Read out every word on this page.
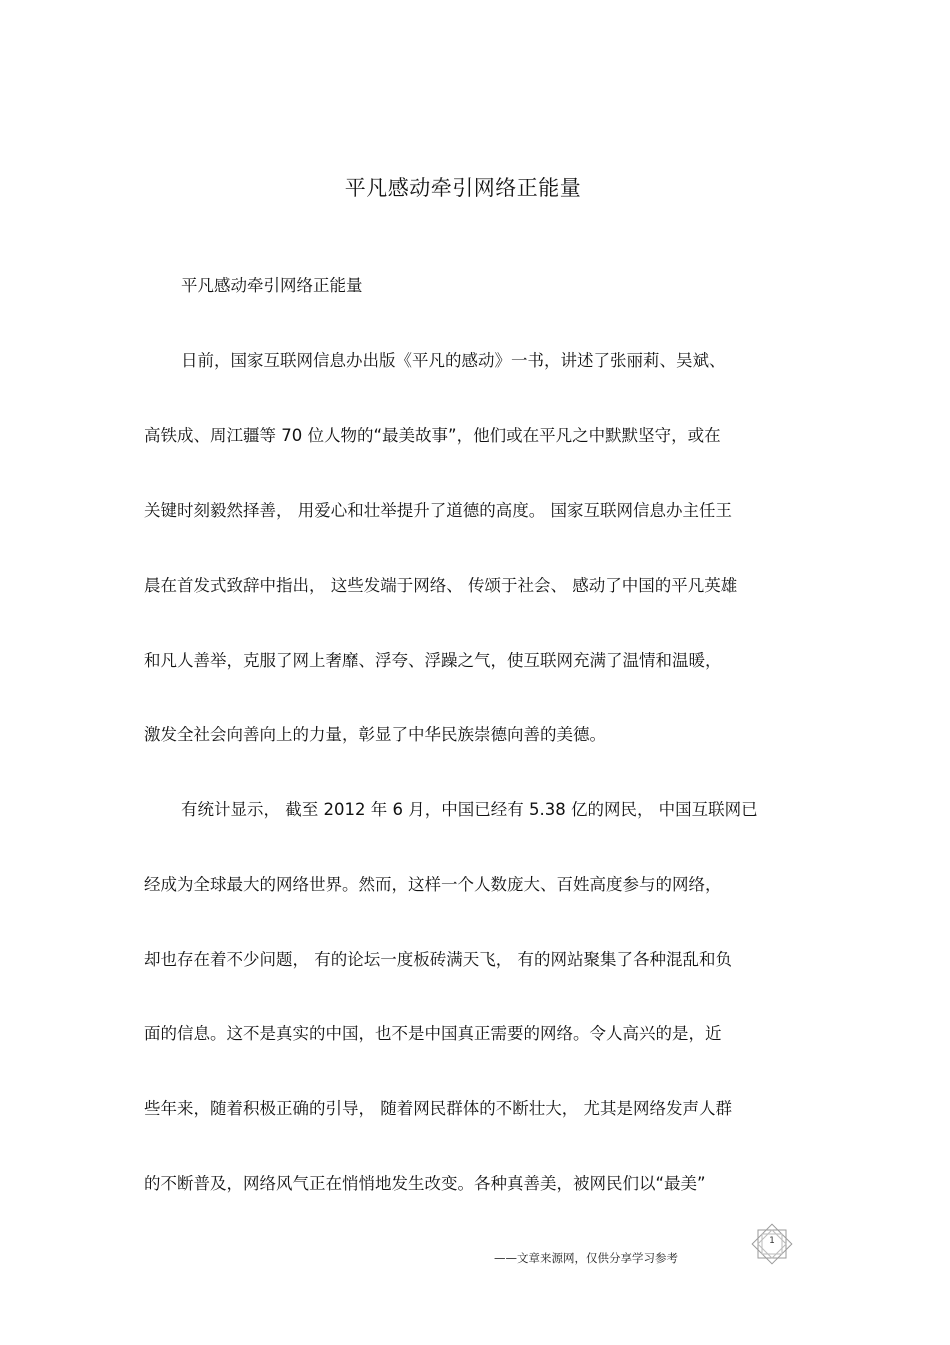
平凡感动牵引网络正能量
平凡感动牵引网络正能量
日前，国家互联网信息办出版《平凡的感动》一书，讲述了张丽莉、吴斌、
高铁成、周江疆等 70 位人物的“最美故事”，他们或在平凡之中默默坚守，或在
关键时刻毅然择善， 用爱心和壮举提升了道德的高度。 国家互联网信息办主任王
晨在首发式致辞中指出， 这些发端于网络、 传颂于社会、 感动了中国的平凡英雄
和凡人善举，克服了网上奢靡、浮夸、浮躁之气，使互联网充满了温情和温暖，
激发全社会向善向上的力量，彰显了中华民族崇德向善的美德。
有统计显示， 截至 2012 年 6 月，中国已经有 5.38 亿的网民， 中国互联网已
经成为全球最大的网络世界。然而，这样一个人数庞大、百姓高度参与的网络，
却也存在着不少问题， 有的论坛一度板砖满天飞， 有的网站聚集了各种混乱和负
面的信息。这不是真实的中国，也不是中国真正需要的网络。令人高兴的是，近
些年来，随着积极正确的引导， 随着网民群体的不断壮大， 尤其是网络发声人群
的不断普及，网络风气正在悄悄地发生改变。各种真善美，被网民们以“最美”
1
——文章来源网，仅供分享学习参考
